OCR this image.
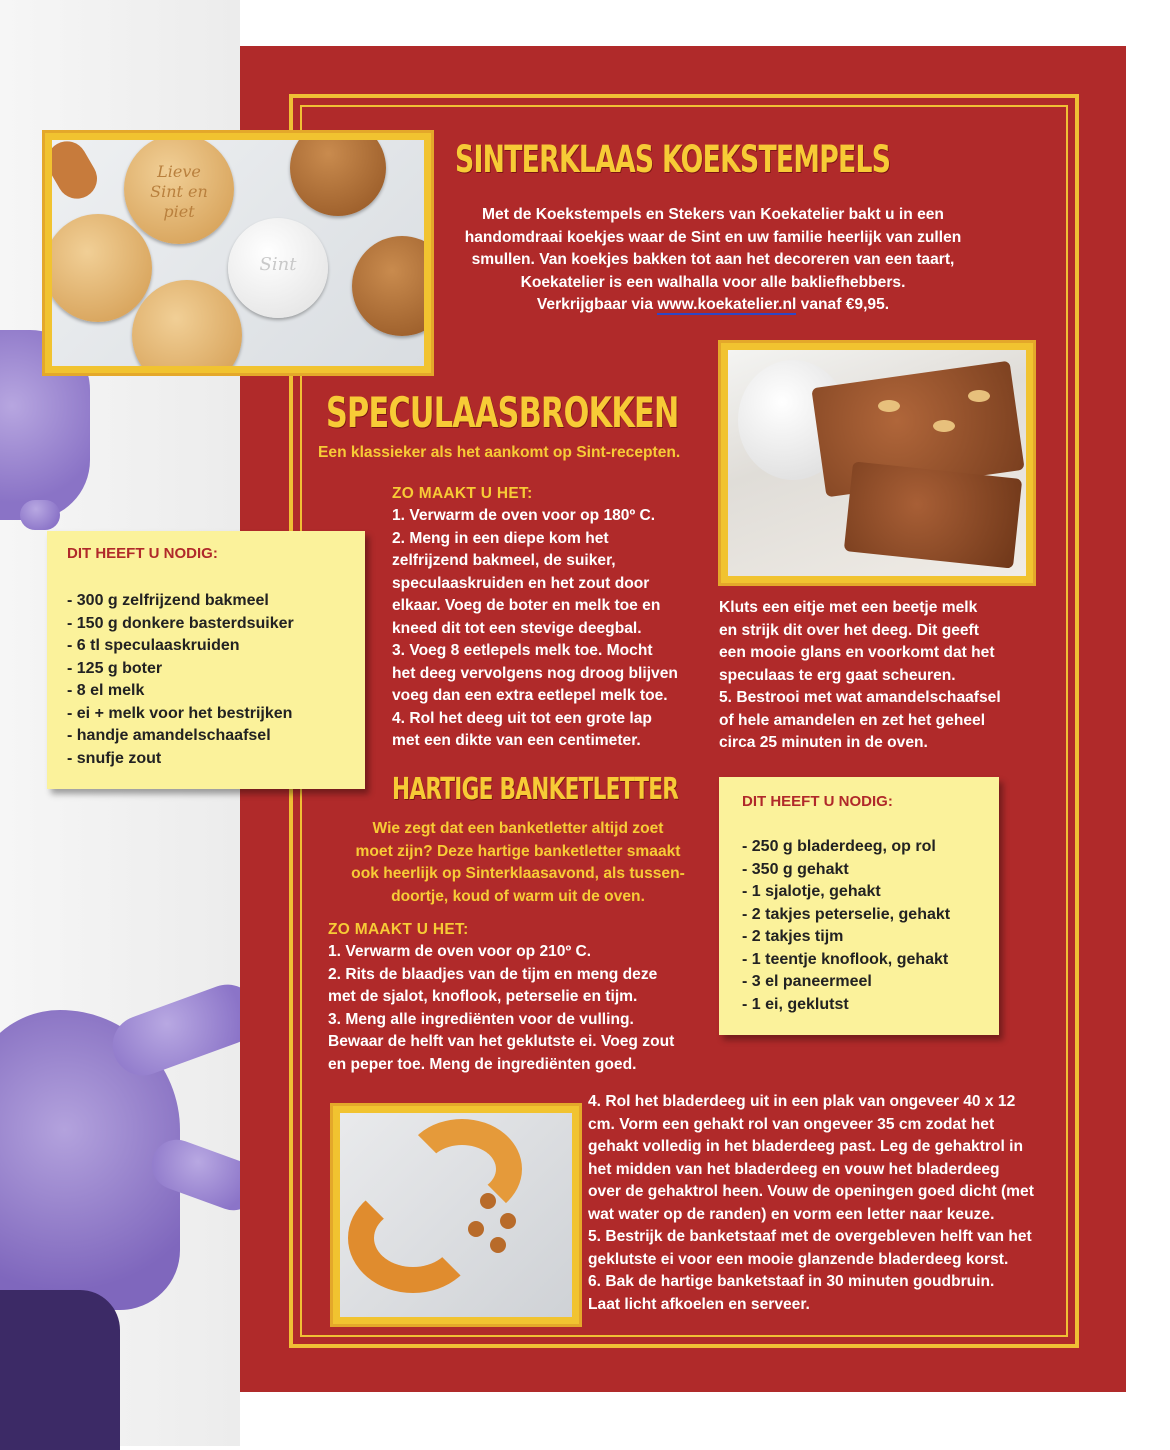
SINTERKLAAS KOEKSTEMPELS
Met de Koekstempels en Stekers van Koekatelier bakt u in een
handomdraai koekjes waar de Sint en uw familie heerlijk van zullen
smullen. Van koekjes bakken tot aan het decoreren van een taart,
Koekatelier is een walhalla voor alle bakliefhebbers.
Verkrijgbaar via www.koekatelier.nl vanaf €9,95.
Lieve Sint en piet
Sint
SPECULAASBROKKEN
Een klassieker als het aankomt op Sint-recepten.
ZO MAAKT U HET:
1. Verwarm de oven voor op 180º C.
2. Meng in een diepe kom het
zelfrijzend bakmeel, de suiker,
speculaaskruiden en het zout door
elkaar. Voeg de boter en melk toe en
kneed dit tot een stevige deegbal.
3. Voeg 8 eetlepels melk toe. Mocht
het deeg vervolgens nog droog blijven
voeg dan een extra eetlepel melk toe.
4. Rol het deeg uit tot een grote lap
met een dikte van een centimeter.
Kluts een eitje met een beetje melk
en strijk dit over het deeg. Dit geeft
een mooie glans en voorkomt dat het
speculaas te erg gaat scheuren.
5. Bestrooi met wat amandelschaafsel
of hele amandelen en zet het geheel
circa 25 minuten in de oven.
DIT HEEFT U NODIG:
- 300 g zelfrijzend bakmeel
- 150 g donkere basterdsuiker
- 6 tl speculaaskruiden
- 125 g boter
- 8 el melk
- ei + melk voor het bestrijken
- handje amandelschaafsel
- snufje zout
HARTIGE BANKETLETTER
Wie zegt dat een banketletter altijd zoet
moet zijn? Deze hartige banketletter smaakt
ook heerlijk op Sinterklaasavond, als tussen-
doortje, koud of warm uit de oven.
ZO MAAKT U HET:
1. Verwarm de oven voor op 210º C.
2. Rits de blaadjes van de tijm en meng deze
met de sjalot, knoflook, peterselie en tijm.
3. Meng alle ingrediënten voor de vulling.
Bewaar de helft van het geklutste ei. Voeg zout
en peper toe. Meng de ingrediënten goed.
DIT HEEFT U NODIG:
- 250 g bladerdeeg, op rol
- 350 g gehakt
- 1 sjalotje, gehakt
- 2 takjes peterselie, gehakt
- 2 takjes tijm
- 1 teentje knoflook, gehakt
- 3 el paneermeel
- 1 ei, geklutst
4. Rol het bladerdeeg uit in een plak van ongeveer 40 x 12
cm. Vorm een gehakt rol van ongeveer 35 cm zodat het
gehakt volledig in het bladerdeeg past. Leg de gehaktrol in
het midden van het bladerdeeg en vouw het bladerdeeg
over de gehaktrol heen. Vouw de openingen goed dicht (met
wat water op de randen) en vorm een letter naar keuze.
5. Bestrijk de banketstaaf met de overgebleven helft van het
geklutste ei voor een mooie glanzende bladerdeeg korst.
6. Bak de hartige banketstaaf in 30 minuten goudbruin.
Laat licht afkoelen en serveer.
